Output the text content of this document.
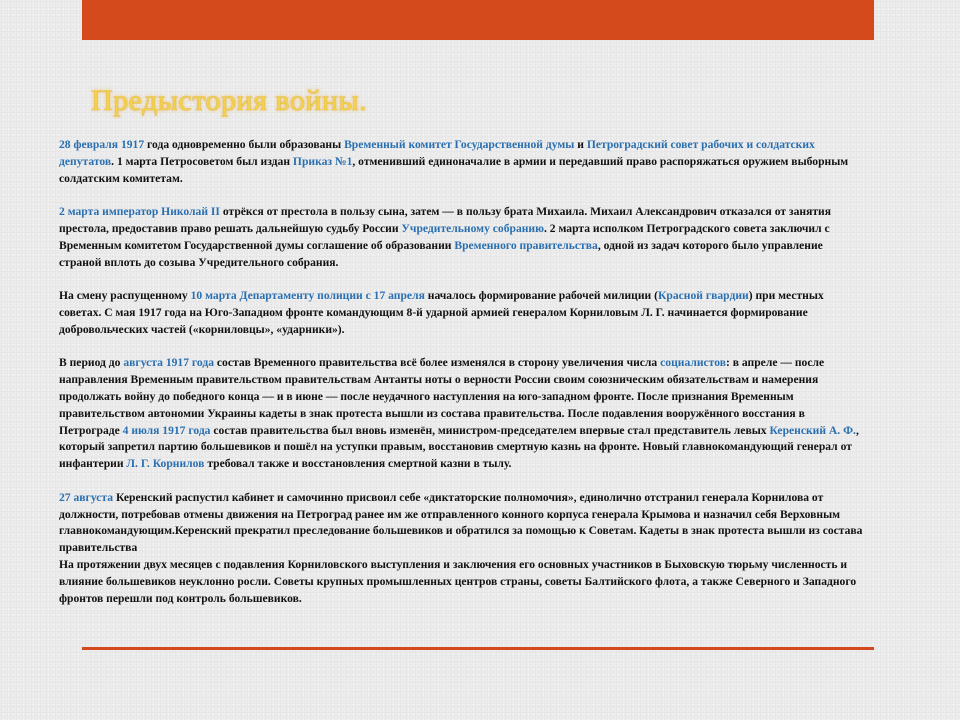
Предыстория войны.

28 февраля 1917 года одновременно были образованы Временный комитет Государственной думы и Петроградский совет рабочих и солдатских депутатов. 1 марта Петросоветом был издан Приказ №1, отменивший единоначалие в армии и передавший право распоряжаться оружием выборным солдатским комитетам.

2 марта император Николай II отрёкся от престола в пользу сына, затем — в пользу брата Михаила. Михаил Александрович отказался от занятия престола, предоставив право решать дальнейшую судьбу России Учредительному собранию. 2 марта исполком Петроградского совета заключил с Временным комитетом Государственной думы соглашение об образовании Временного правительства, одной из задач которого было управление страной вплоть до созыва Учредительного собрания.

На смену распущенному 10 марта Департаменту полиции с 17 апреля началось формирование рабочей милиции (Красной гвардии) при местных советах. С мая 1917 года на Юго-Западном фронте командующим 8-й ударной армией генералом Корниловым Л. Г. начинается формирование добровольческих частей («корниловцы», «ударники»).

В период до августа 1917 года состав Временного правительства всё более изменялся в сторону увеличения числа социалистов: в апреле — после направления Временным правительством правительствам Антанты ноты о верности России своим союзническим обязательствам и намерения продолжать войну до победного конца — и в июне — после неудачного наступления на юго-западном фронте. После признания Временным правительством автономии Украины кадеты в знак протеста вышли из состава правительства. После подавления вооружённого восстания в Петрограде 4 июля 1917 года состав правительства был вновь изменён, министром-председателем впервые стал представитель левых Керенский А. Ф., который запретил партию большевиков и пошёл на уступки правым, восстановив смертную казнь на фронте. Новый главнокомандующий генерал от инфантерии Л. Г. Корнилов требовал также и восстановления смертной казни в тылу.

27 августа Керенский распустил кабинет и самочинно присвоил себе «диктаторские полномочия», единолично отстранил генерала Корнилова от должности, потребовав отмены движения на Петроград ранее им же отправленного конного корпуса генерала Крымова и назначил себя Верховным главнокомандующим.Керенский прекратил преследование большевиков и обратился за помощью к Советам. Кадеты в знак протеста вышли из состава правительства

На протяжении двух месяцев с подавления Корниловского выступления и заключения его основных участников в Быховскую тюрьму численность и влияние большевиков неуклонно росли. Советы крупных промышленных центров страны, советы Балтийского флота, а также Северного и Западного фронтов перешли под контроль большевиков.
